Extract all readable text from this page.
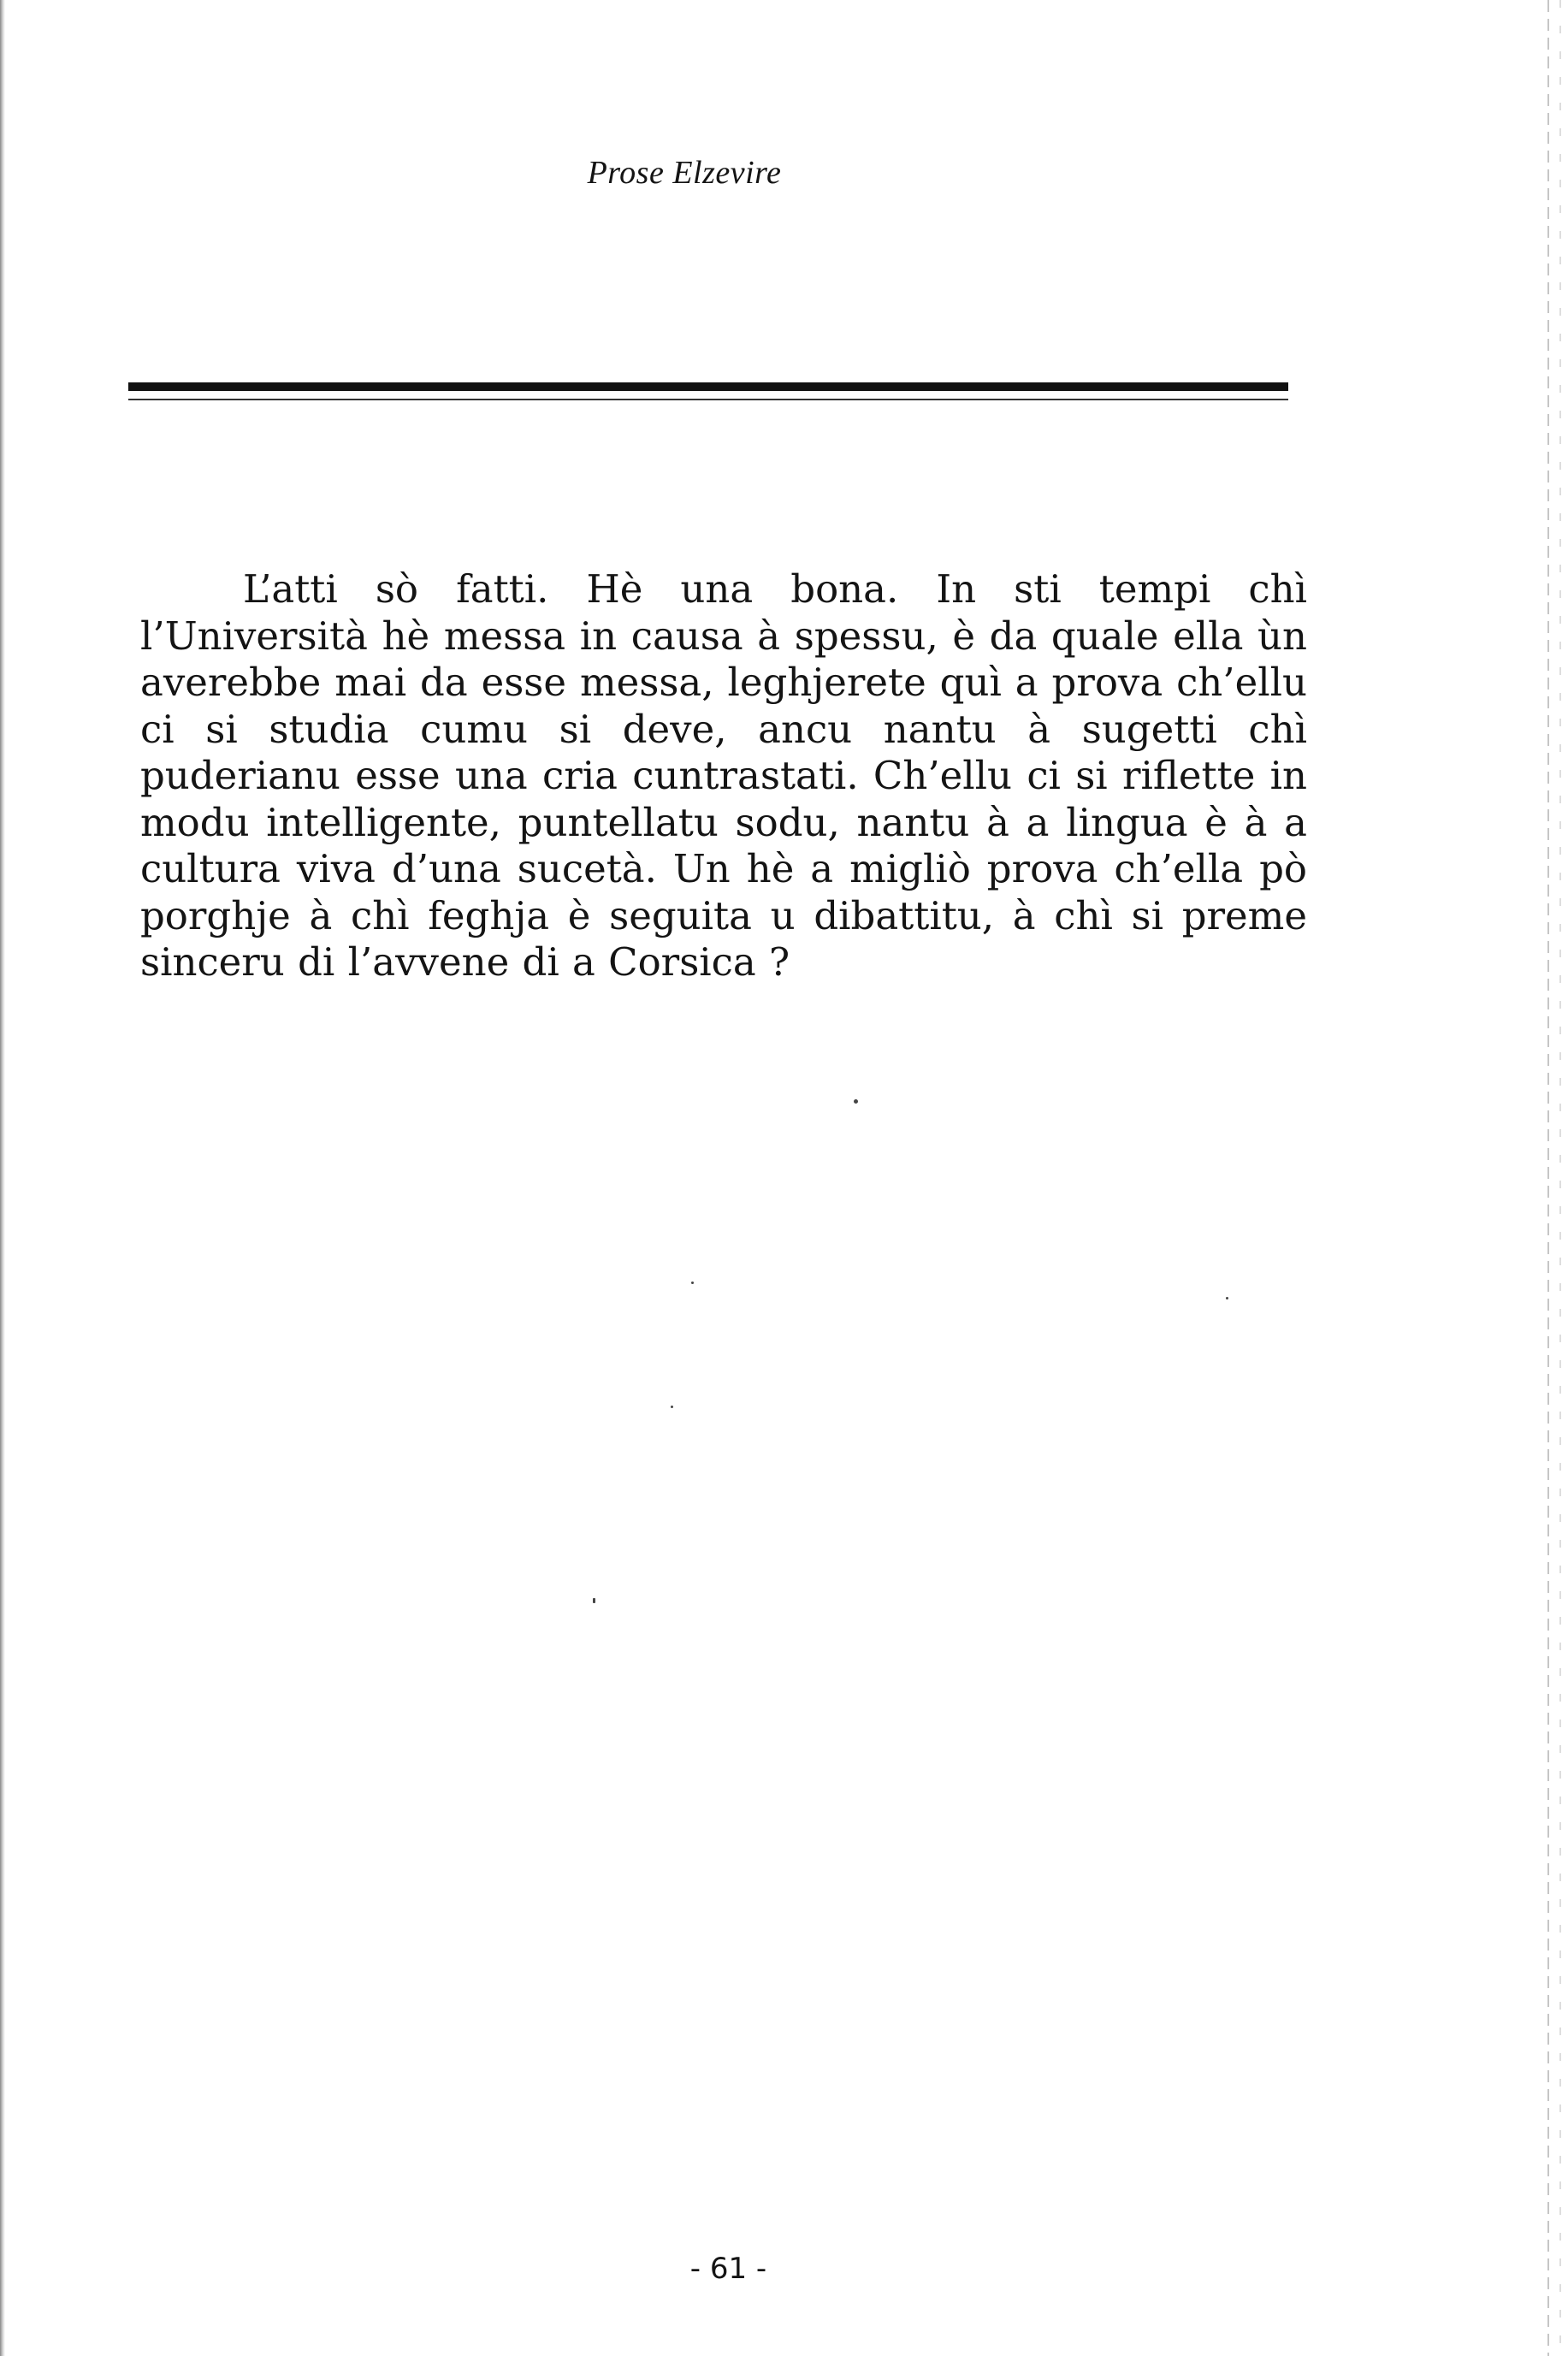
Prose Elzevire

L’atti sò fatti. Hè una bona. In sti tempi chì l’Università hè messa in causa à spessu, è da quale ella ùn averebbe mai da esse messa, leghjerete quì a prova ch’ellu ci si studia cumu si deve, ancu nantu à sugetti chì puderianu esse una cria cuntrastati. Ch’ellu ci si riflette in modu intelligente, puntellatu sodu, nantu à a lingua è à a cultura viva d’una sucetà. Un hè a migliò prova ch’ella pò porghje à chì feghja è seguita u dibattitu, à chì si preme sinceru di l’avvene di a Corsica ?

- 61 -
